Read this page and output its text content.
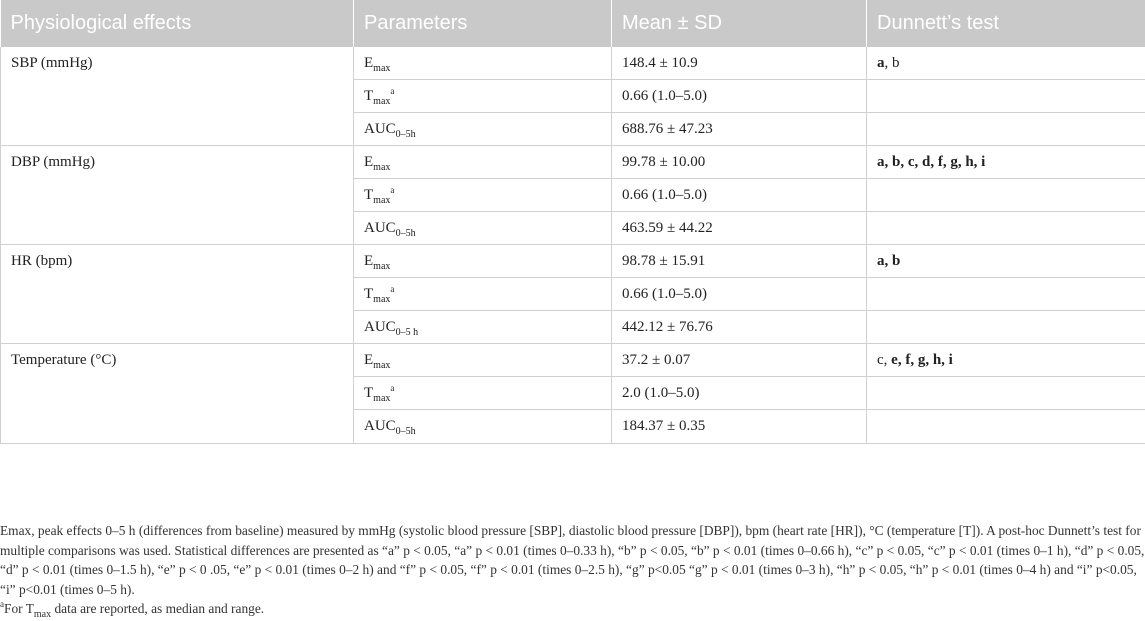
Physiological effects	Parameters	Mean ± SD	Dunnett’s test
SBP (mmHg)	$E_{max}$	148.4 ± 10.9	a, b
	$T_{max}^a$	0.66 (1.0–5.0)	
	$AUC_{0-5h}$	688.76 ± 47.23	
DBP (mmHg)	$E_{max}$	99.78 ± 10.00	a, b, c, d, f, g, h, i
	$T_{max}^a$	0.66 (1.0–5.0)	
	$AUC_{0-5h}$	463.59 ± 44.22	
HR (bpm)	$E_{max}$	98.78 ± 15.91	a, b
	$T_{max}^a$	0.66 (1.0–5.0)	
	$AUC_{0-5 h}$	442.12 ± 76.76	
Temperature (°C)	$E_{max}$	37.2 ± 0.07	c, e, f, g, h, i
	$T_{max}^a$	2.0 (1.0–5.0)	
	$AUC_{0-5h}$	184.37 ± 0.35	

Emax, peak effects 0–5 h (differences from baseline) measured by mmHg (systolic blood pressure [SBP], diastolic blood pressure [DBP]), bpm (heart rate [HR]), °C (temperature [T]). A post-hoc Dunnett’s test for multiple comparisons was used. Statistical differences are presented as “a” p < 0.05, “a” p < 0.01 (times 0–0.33 h), “b” p < 0.05, “b” p < 0.01 (times 0–0.66 h), “c” p < 0.05, “c” p < 0.01 (times 0–1 h), “d” p < 0.05, “d” p < 0.01 (times 0–1.5 h), “e” p < 0 .05, “e” p < 0.01 (times 0–2 h) and “f” p < 0.05, “f” p < 0.01 (times 0–2.5 h), “g” p<0.05 “g” p < 0.01 (times 0–3 h), “h” p < 0.05, “h” p < 0.01 (times 0–4 h) and “i” p<0.05, “i” p<0.01 (times 0–5 h).

$^a$For $T_{max}$ data are reported, as median and range.
